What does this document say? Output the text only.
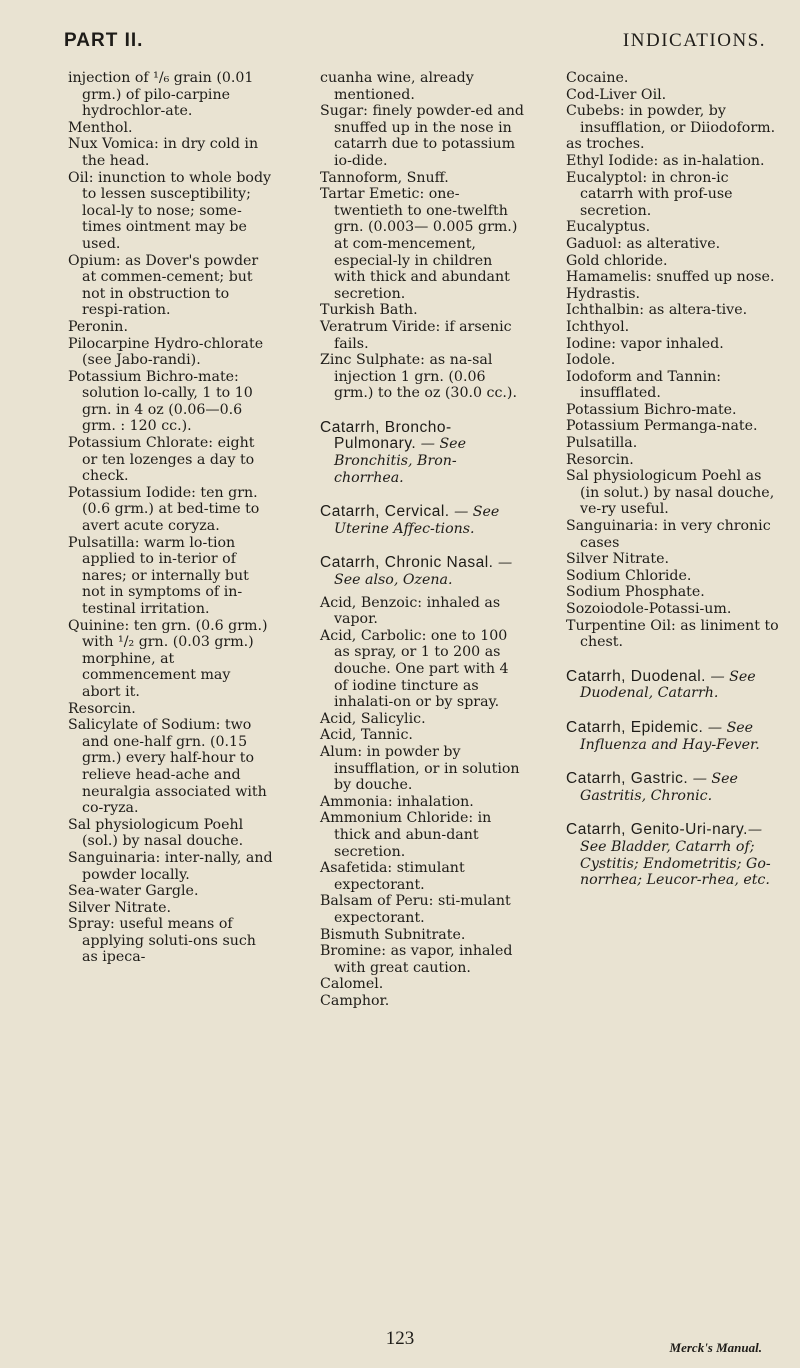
PART II.	INDICATIONS.

injection of ¹/₆ grain (0.01 grm.) of pilo-carpine hydrochlor-ate.

Menthol.

Nux Vomica: in dry cold in the head.

Oil: inunction to whole body to lessen susceptibility; local-ly to nose; some-times ointment may be used.

Opium: as Dover's powder at commen-cement; but not in obstruction to respi-ration.

Peronin.

Pilocarpine Hydro-chlorate (see Jabo-randi).

Potassium Bichro-mate: solution lo-cally, 1 to 10 grn. in 4 oz (0.06—0.6 grm. : 120 cc.).

Potassium Chlorate: eight or ten lozenges a day to check.

Potassium Iodide: ten grn. (0.6 grm.) at bed-time to avert acute coryza.

Pulsatilla: warm lo-tion applied to in-terior of nares; or internally but not in symptoms of in-testinal irritation.

Quinine: ten grn. (0.6 grm.) with ¹/₂ grn. (0.03 grm.) morphine, at commencement may abort it.

Resorcin.

Salicylate of Sodium: two and one-half grn. (0.15 grm.) every half-hour to relieve head-ache and neuralgia associated with co-ryza.

Sal physiologicum Poehl (sol.) by nasal douche.

Sanguinaria: inter-nally, and powder locally.

Sea-water Gargle.

Silver Nitrate.

Spray: useful means of applying soluti-ons such as ipeca-

cuanha wine, already mentioned.

Sugar: finely powder-ed and snuffed up in the nose in catarrh due to potassium io-dide.

Tannoform, Snuff.

Tartar Emetic: one-twentieth to one-twelfth grn. (0.003— 0.005 grm.) at com-mencement, especial-ly in children with thick and abundant secretion.

Turkish Bath.

Veratrum Viride: if arsenic fails.

Zinc Sulphate: as na-sal injection 1 grn. (0.06 grm.) to the oz (30.0 cc.).

Catarrh, Broncho-Pulmonary. — See Bronchitis, Bron-chorrhea.

Catarrh, Cervical. — See Uterine Affec-tions.

Catarrh, Chronic Nasal. — See also, Ozena.

Acid, Benzoic: inhaled as vapor.

Acid, Carbolic: one to 100 as spray, or 1 to 200 as douche. One part with 4 of iodine tincture as inhalati-on or by spray.

Acid, Salicylic.

Acid, Tannic.

Alum: in powder by insufflation, or in solution by douche.

Ammonia: inhalation.

Ammonium Chloride: in thick and abun-dant secretion.

Asafetida: stimulant expectorant.

Balsam of Peru: sti-mulant expectorant.

Bismuth Subnitrate.

Bromine: as vapor, inhaled with great caution.

Calomel.

Camphor.

Cocaine.

Cod-Liver Oil.

Cubebs: in powder, by insufflation, or Diiodoform.

as troches.

Ethyl Iodide: as in-halation.

Eucalyptol: in chron-ic catarrh with prof-use secretion.

Eucalyptus.

Gaduol: as alterative.

Gold chloride.

Hamamelis: snuffed up nose.

Hydrastis.

Ichthalbin: as altera-tive.

Ichthyol.

Iodine: vapor inhaled.

Iodole.

Iodoform and Tannin: insufflated.

Potassium Bichro-mate.

Potassium Permanga-nate.

Pulsatilla.

Resorcin.

Sal physiologicum Poehl as (in solut.) by nasal douche, ve-ry useful.

Sanguinaria: in very chronic cases

Silver Nitrate.

Sodium Chloride.

Sodium Phosphate.

Sozoiodole-Potassi-um.

Turpentine Oil: as liniment to chest.

Catarrh, Duodenal. — See Duodenal, Catarrh.

Catarrh, Epidemic. — See Influenza and Hay-Fever.

Catarrh, Gastric. — See Gastritis, Chronic.

Catarrh, Genito-Uri-nary.—See Bladder, Catarrh of; Cystitis; Endometritis; Go-norrhea; Leucor-rhea, etc.

123	Merck's Manual.
